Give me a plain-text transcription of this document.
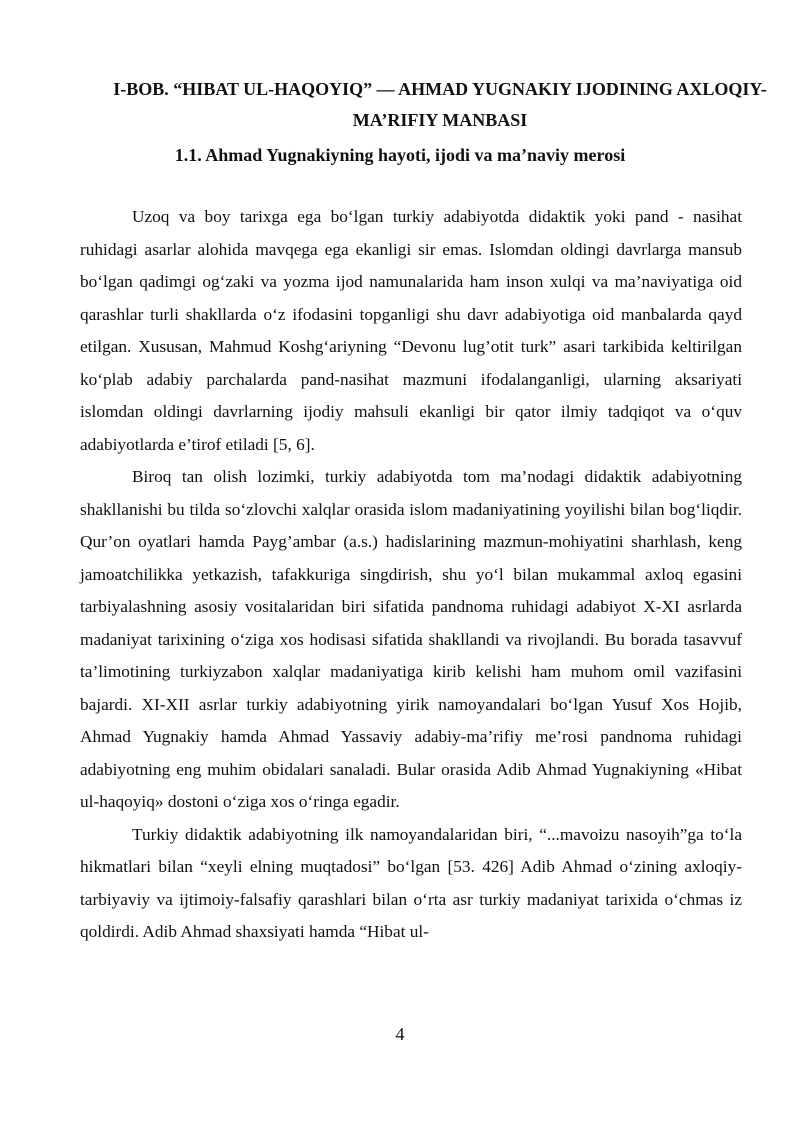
I-BOB. “HIBAT UL-HAQOYIQ” — AHMAD YUGNAKIY IJODINING AXLOQIY-MA’RIFIY MANBASI
1.1. Ahmad Yugnakiyning hayoti, ijodi va ma’naviy merosi

Uzoq va boy tarixga ega bo‘lgan turkiy adabiyotda didaktik yoki pand - nasihat ruhidagi asarlar alohida mavqega ega ekanligi sir emas. Islomdan oldingi davrlarga mansub bo‘lgan qadimgi og‘zaki va yozma ijod namunalarida ham inson xulqi va ma’naviyatiga oid qarashlar turli shakllarda o‘z ifodasini topganligi shu davr adabiyotiga oid manbalarda qayd etilgan. Xususan, Mahmud Koshg‘ariyning “Devonu lug’otit turk” asari tarkibida keltirilgan ko‘plab adabiy parchalarda pand-nasihat mazmuni ifodalanganligi, ularning aksariyati islomdan oldingi davrlarning ijodiy mahsuli ekanligi bir qator ilmiy tadqiqot va o‘quv adabiyotlarda e’tirof etiladi [5, 6].

Biroq tan olish lozimki, turkiy adabiyotda tom ma’nodagi didaktik adabiyotning shakllanishi bu tilda so‘zlovchi xalqlar orasida islom madaniyatining yoyilishi bilan bog‘liqdir. Qur’on oyatlari hamda Payg’ambar (a.s.) hadislarining mazmun-mohiyatini sharhlash, keng jamoatchilikka yetkazish, tafakkuriga singdirish, shu yo‘l bilan mukammal axloq egasini tarbiyalashning asosiy vositalaridan biri sifatida pandnoma ruhidagi adabiyot X-XI asrlarda madaniyat tarixining o‘ziga xos hodisasi sifatida shakllandi va rivojlandi. Bu borada tasavvuf ta’limotining turkiyzabon xalqlar madaniyatiga kirib kelishi ham muhom omil vazifasini bajardi. XI-XII asrlar turkiy adabiyotning yirik namoyandalari bo‘lgan Yusuf Xos Hojib, Ahmad Yugnakiy hamda Ahmad Yassaviy adabiy-ma’rifiy me’rosi pandnoma ruhidagi adabiyotning eng muhim obidalari sanaladi. Bular orasida Adib Ahmad Yugnakiyning «Hibat ul-haqoyiq» dostoni o‘ziga xos o‘ringa egadir.

Turkiy didaktik adabiyotning ilk namoyandalaridan biri, “...mavoizu nasoyih”ga to‘la hikmatlari bilan “xeyli elning muqtadosi” bo‘lgan [53. 426] Adib Ahmad o‘zining axloqiy-tarbiyaviy va ijtimoiy-falsafiy qarashlari bilan o‘rta asr turkiy madaniyat tarixida o‘chmas iz qoldirdi. Adib Ahmad shaxsiyati hamda “Hibat ul-

4
